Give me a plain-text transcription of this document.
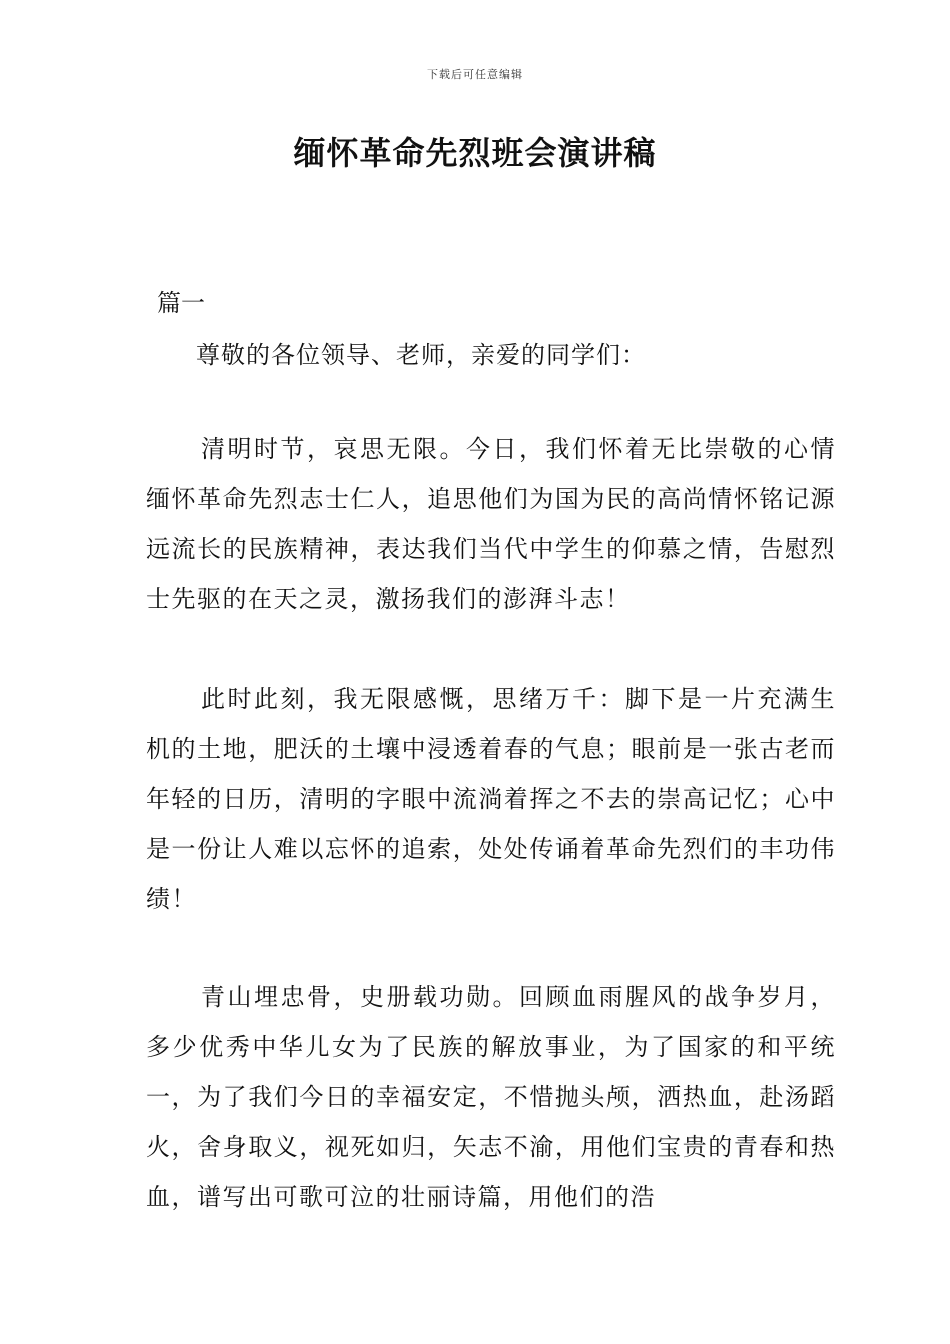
下载后可任意编辑
缅怀革命先烈班会演讲稿
篇一
尊敬的各位领导、老师，亲爱的同学们：

清明时节，哀思无限。今日，我们怀着无比崇敬的心情缅怀革命先烈志士仁人，追思他们为国为民的高尚情怀铭记源远流长的民族精神，表达我们当代中学生的仰慕之情，告慰烈士先驱的在天之灵，激扬我们的澎湃斗志！

此时此刻，我无限感慨，思绪万千：脚下是一片充满生机的土地，肥沃的土壤中浸透着春的气息；眼前是一张古老而年轻的日历，清明的字眼中流淌着挥之不去的崇高记忆；心中是一份让人难以忘怀的追索，处处传诵着革命先烈们的丰功伟绩！

青山埋忠骨，史册载功勋。回顾血雨腥风的战争岁月，多少优秀中华儿女为了民族的解放事业，为了国家的和平统一，为了我们今日的幸福安定，不惜抛头颅，洒热血，赴汤蹈火，舍身取义，视死如归，矢志不渝，用他们宝贵的青春和热血，谱写出可歌可泣的壮丽诗篇，用他们的浩
